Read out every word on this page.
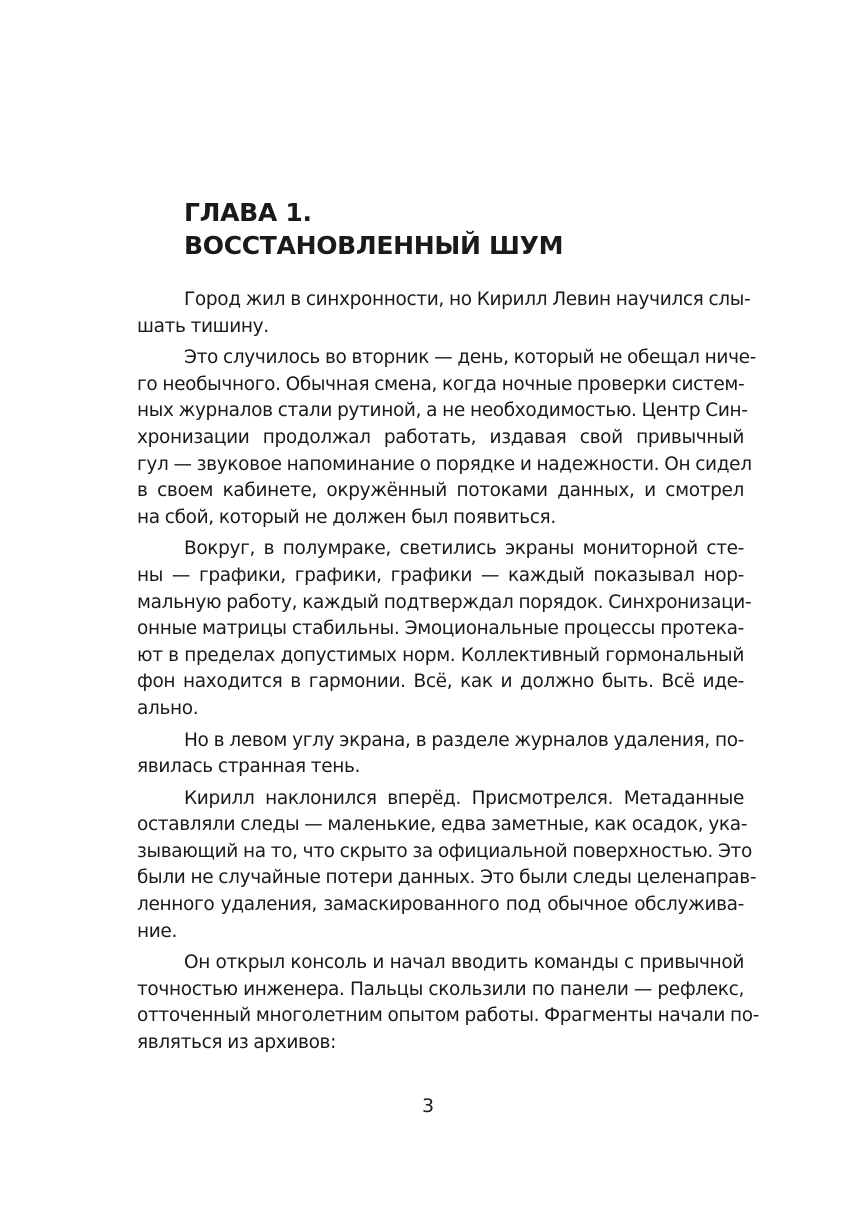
ГЛАВА 1.
ВОССТАНОВЛЕННЫЙ ШУМ

Город жил в синхронности, но Кирилл Левин научился слы-
шать тишину.

Это случилось во вторник — день, который не обещал ниче-
го необычного. Обычная смена, когда ночные проверки систем-
ных журналов стали рутиной, а не необходимостью. Центр Син-
хронизации продолжал работать, издавая свой привычный
гул — звуковое напоминание о порядке и надежности. Он сидел
в своем кабинете, окружённый потоками данных, и смотрел
на сбой, который не должен был появиться.

Вокруг, в полумраке, светились экраны мониторной сте-
ны — графики, графики, графики — каждый показывал нор-
мальную работу, каждый подтверждал порядок. Синхронизаци-
онные матрицы стабильны. Эмоциональные процессы протека-
ют в пределах допустимых норм. Коллективный гормональный
фон находится в гармонии. Всё, как и должно быть. Всё иде-
ально.

Но в левом углу экрана, в разделе журналов удаления, по-
явилась странная тень.

Кирилл наклонился вперёд. Присмотрелся. Метаданные
оставляли следы — маленькие, едва заметные, как осадок, ука-
зывающий на то, что скрыто за официальной поверхностью. Это
были не случайные потери данных. Это были следы целенаправ-
ленного удаления, замаскированного под обычное обслужива-
ние.

Он открыл консоль и начал вводить команды с привычной
точностью инженера. Пальцы скользили по панели — рефлекс,
отточенный многолетним опытом работы. Фрагменты начали по-
являться из архивов:

3
